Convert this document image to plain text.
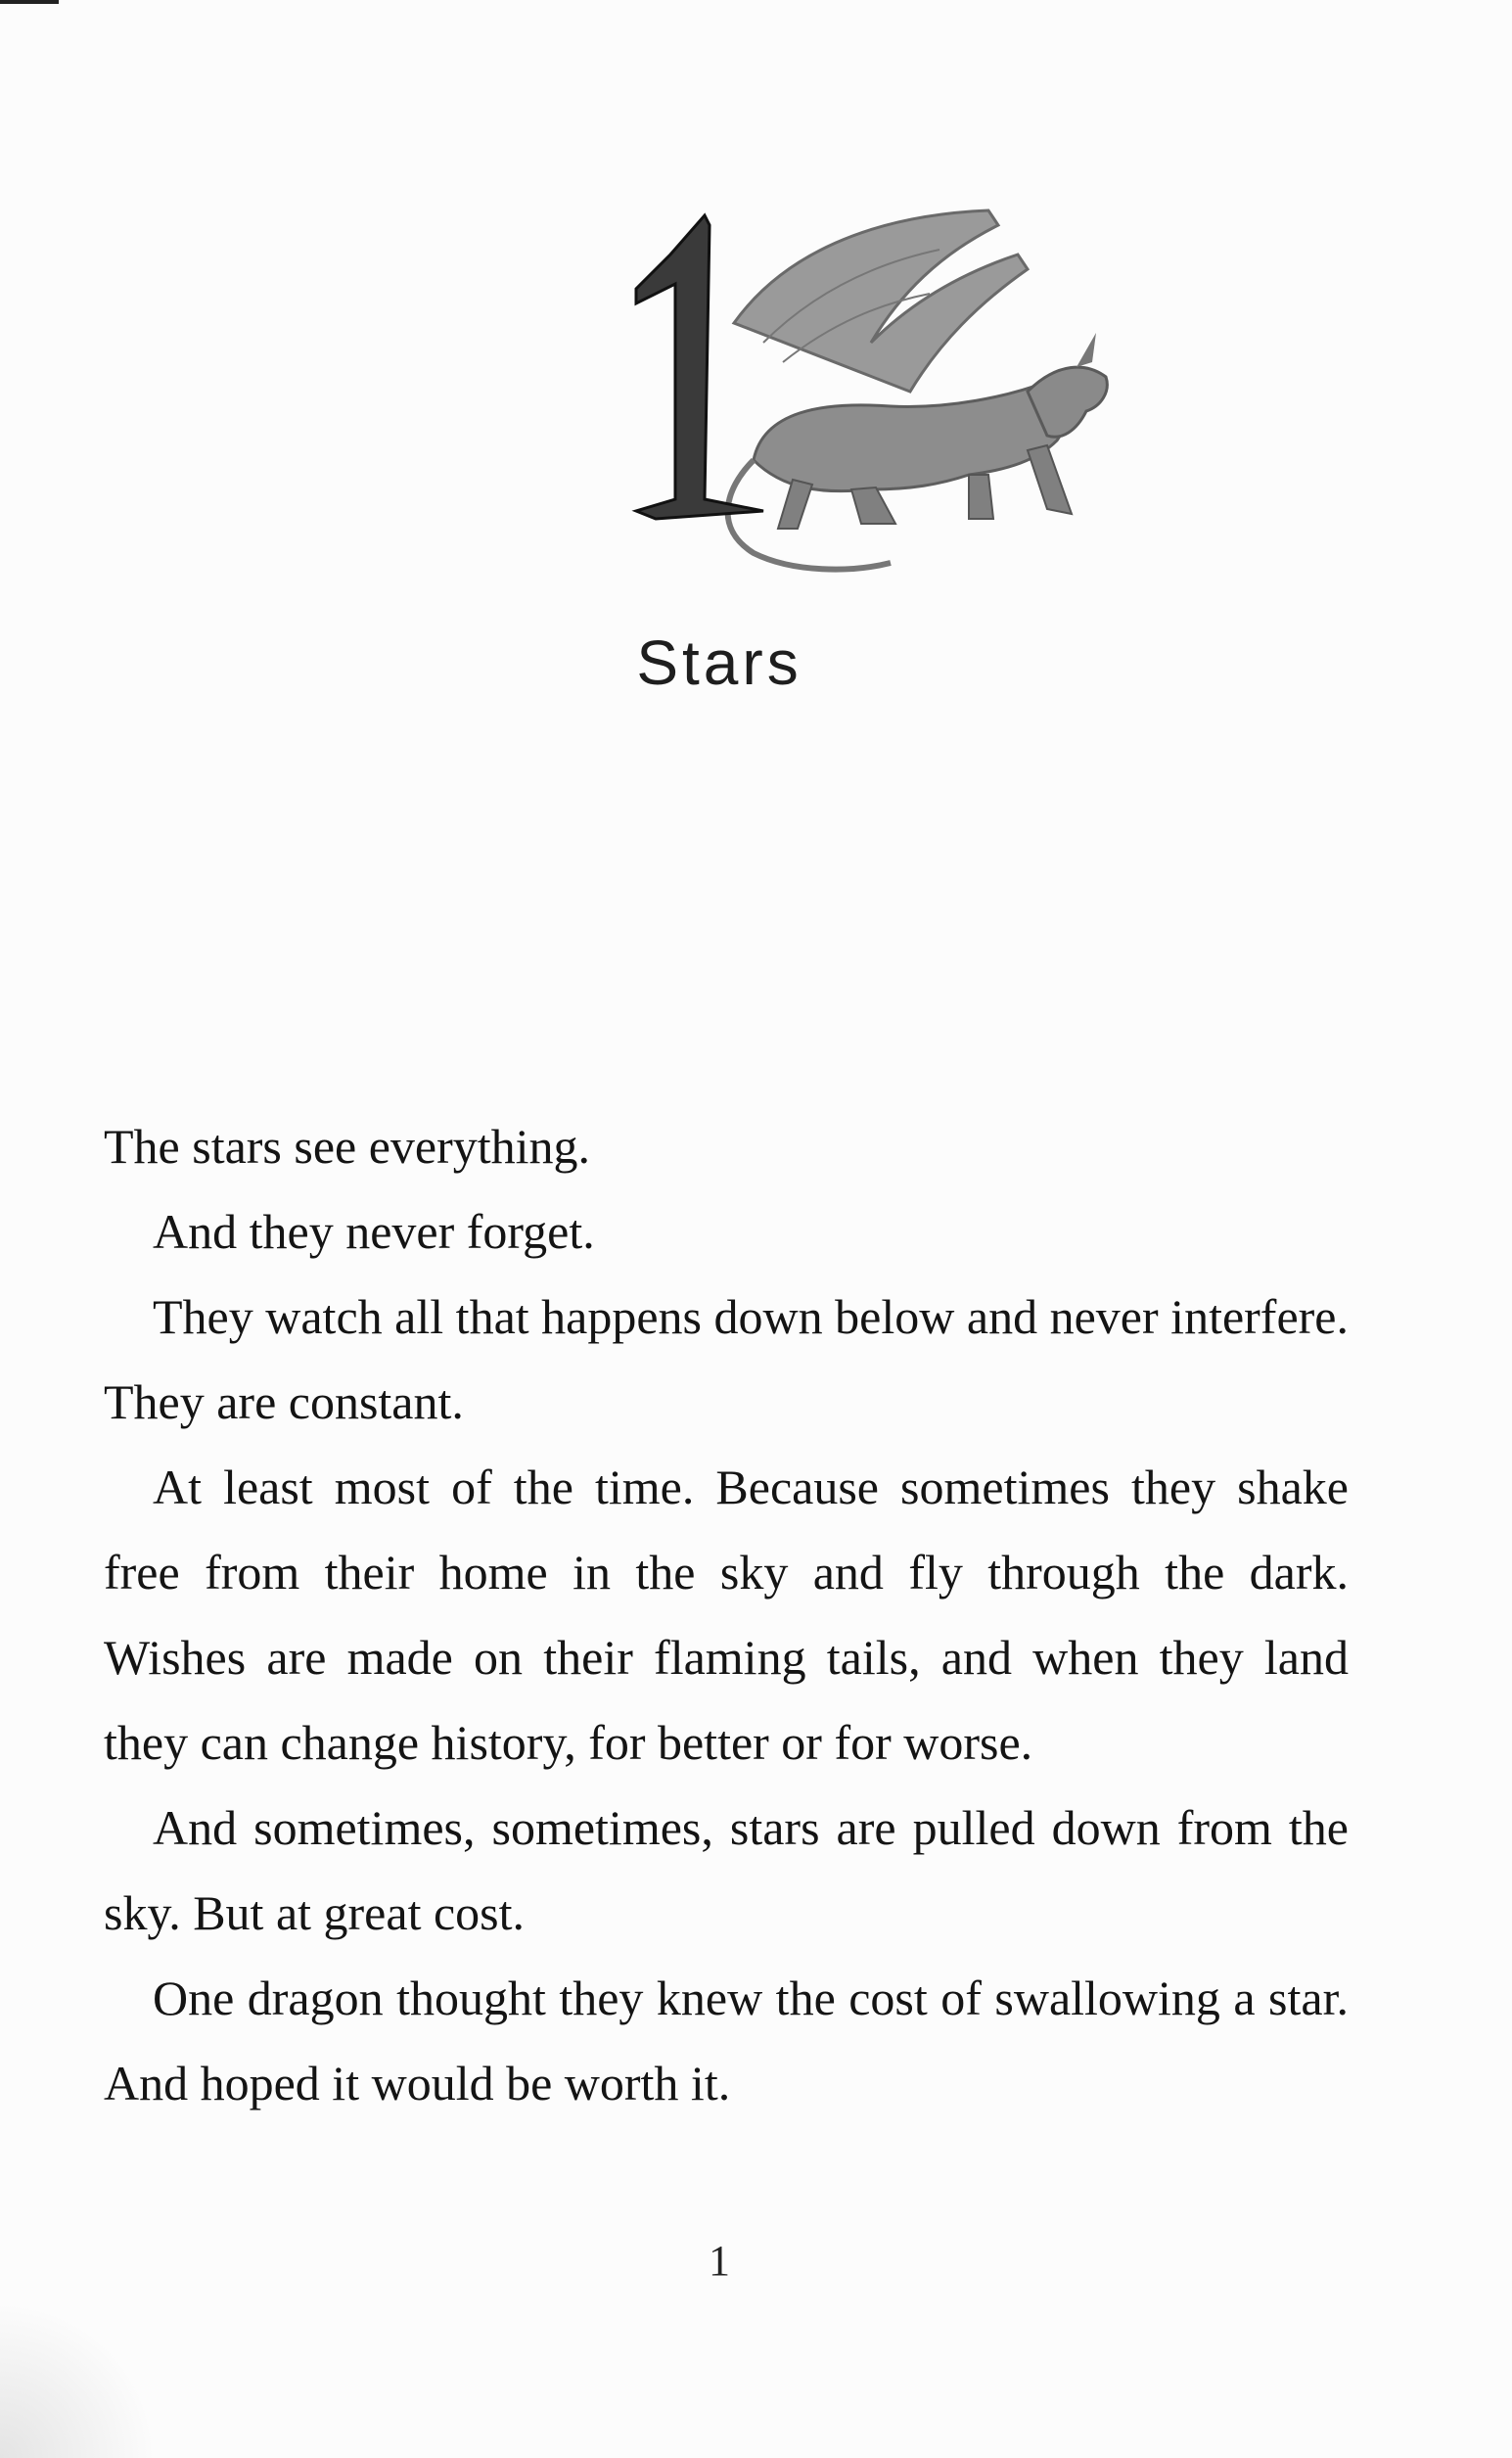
Stars

The stars see everything.

And they never forget.

They watch all that happens down below and never interfere. They are constant.

At least most of the time. Because sometimes they shake free from their home in the sky and fly through the dark. Wishes are made on their flaming tails, and when they land they can change history, for better or for worse.

And sometimes, sometimes, stars are pulled down from the sky. But at great cost.

One dragon thought they knew the cost of swallowing a star. And hoped it would be worth it.

1
